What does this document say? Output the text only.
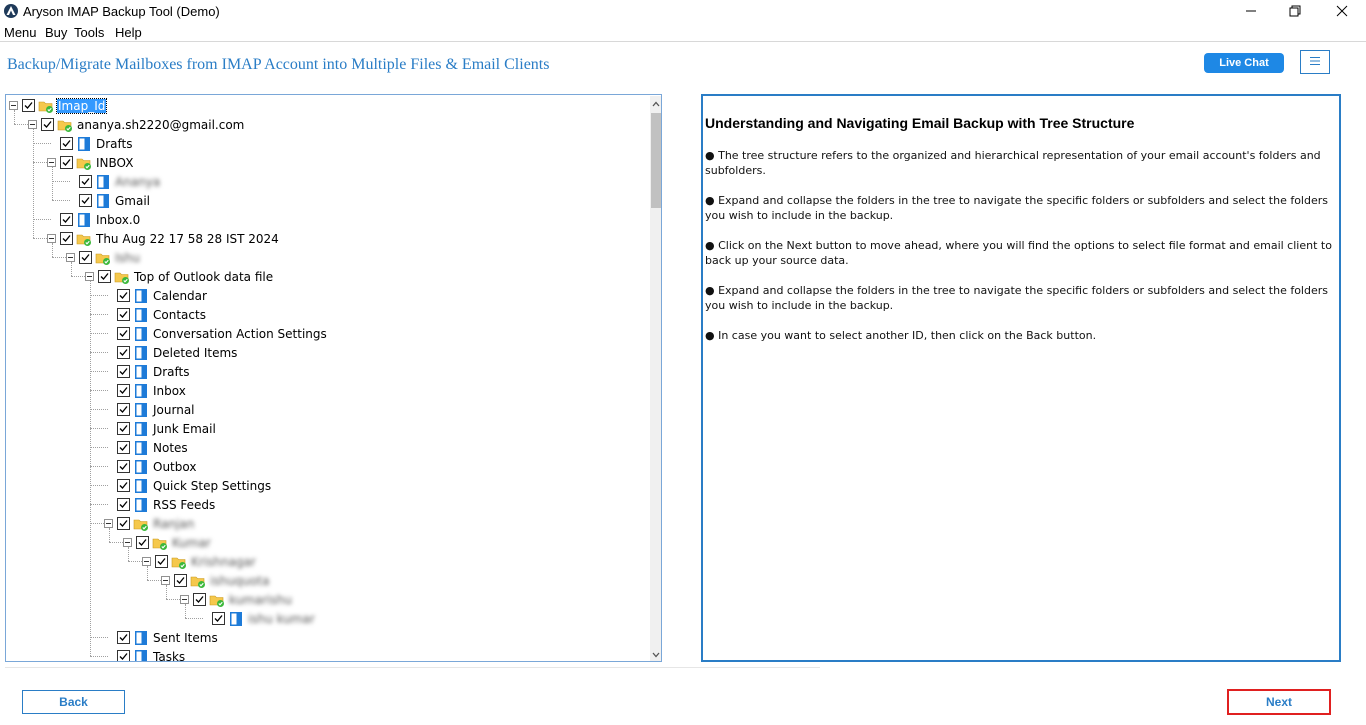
Aryson IMAP Backup Tool (Demo)
Menu Buy Tools Help
Backup/Migrate Mailboxes from IMAP Account into Multiple Files & Email Clients	Live Chat
Imap_Id
ananya.sh2220@gmail.com
Drafts
INBOX
Ananya
Gmail
Inbox.0
Thu Aug 22 17 58 28 IST 2024
Ishu
Top of Outlook data file
Calendar
Contacts
Conversation Action Settings
Deleted Items
Drafts
Inbox
Journal
Junk Email
Notes
Outbox
Quick Step Settings
RSS Feeds
Ranjan
Kumar
Krishnagar
ishuquota
kumarishu
ishu kumar
Sent Items
Tasks
Understanding and Navigating Email Backup with Tree Structure
● The tree structure refers to the organized and hierarchical representation of your email account's folders and subfolders.
● Expand and collapse the folders in the tree to navigate the specific folders or subfolders and select the folders you wish to include in the backup.
● Click on the Next button to move ahead, where you will find the options to select file format and email client to back up your source data.
● Expand and collapse the folders in the tree to navigate the specific folders or subfolders and select the folders you wish to include in the backup.
● In case you want to select another ID, then click on the Back button.
Back	Next
